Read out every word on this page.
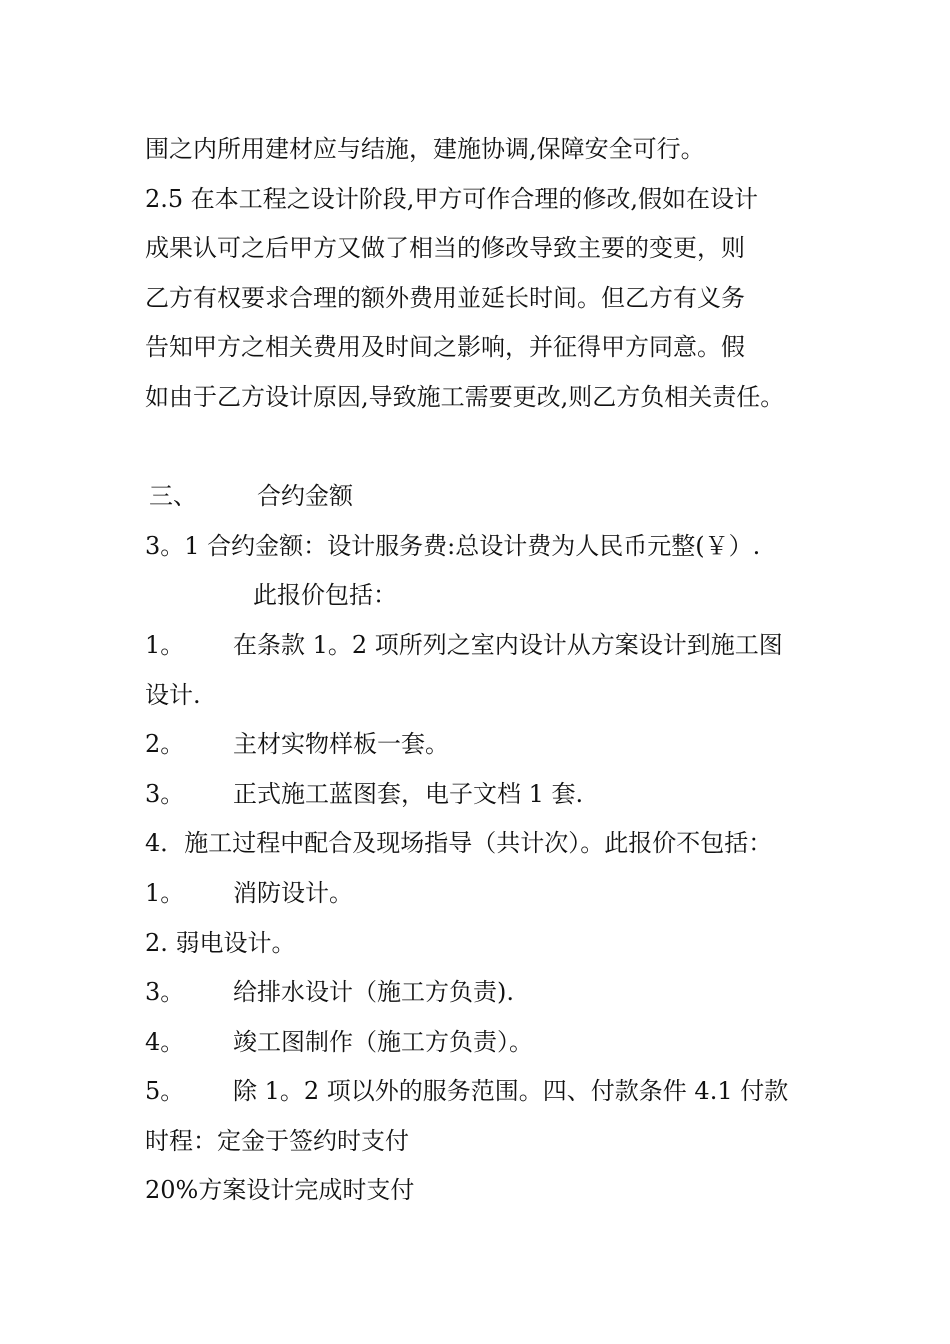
围之内所用建材应与结施，建施协调,保障安全可行。
2.5 在本工程之设计阶段,甲方可作合理的修改,假如在设计
成果认可之后甲方又做了相当的修改导致主要的变更，则
乙方有权要求合理的额外费用並延长时间。但乙方有义务
告知甲方之相关费用及时间之影响，并征得甲方同意。假
如由于乙方设计原因,导致施工需要更改,则乙方负相关责任。
三、	合约金额
3。1 合约金额：设计服务费:总设计费为人民币元整(￥）.
此报价包括：
1。 在条款 1。2 项所列之室内设计从方案设计到施工图
设计.
2。 主材实物样板一套。
3。 正式施工蓝图套，电子文档 1 套.
4．施工过程中配合及现场指导（共计次）。此报价不包括：
1。 消防设计。
2. 弱电设计。
3。 给排水设计（施工方负责).
4。 竣工图制作（施工方负责）。
5。 除 1。2 项以外的服务范围。四、付款条件 4.1 付款
时程：定金于签约时支付
20%方案设计完成时支付
